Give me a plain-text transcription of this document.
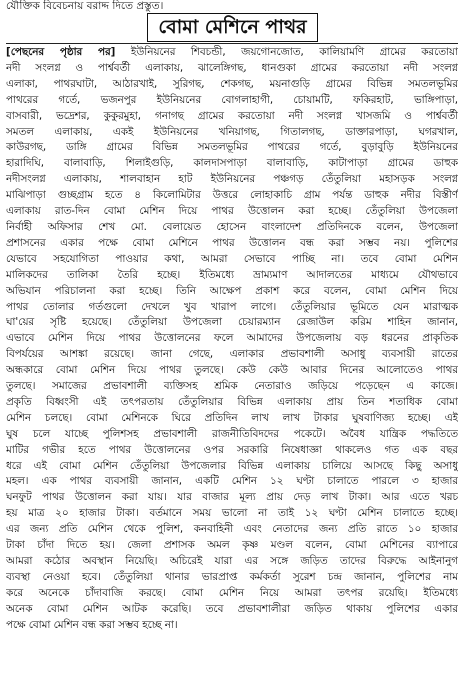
যৌক্তিক বিবেচনায় বরাদ্দ দিতে প্রস্তুত।
বোমা মেশিনে পাথর

[পেছনের পৃষ্ঠার পর] ইউনিয়নের শিবচন্ডী, জয়গোনজোত, কালিয়ামণি গ্রামের করতোয়া

নদী সংলগ্ন ও পার্শ্ববর্তী এলাকায়, ঝালেঙ্গিগছ, ধানগুকা গ্রামের করতোয়া নদী সংলগ্ন

এলাকা, পাথরঘাটা, আঠারখাই, সুরিগছ, শেকগছ, ময়নাগুড়ি গ্রামের বিভিন্ন সমতলভূমির

পাথরের গর্তে, ভজনপুর ইউনিয়নের বোগলাহাগী, চোয়ামটি, ফকিরহাট, ভাঙ্গিপাড়া,

বাসবারী, ভদ্রেশর, কুকুরমুহা, গনাগছ গ্রামের করতোয়া নদী সংলগ্ন খাসজমি ও পার্শ্ববর্তী

সমতল এলাকায়, একই ইউনিয়নের খনিয়াগছ, গিতালগছ, ডাক্তারপাড়া, ঘগরখাল,

কাউরগছ, ডাঙ্গি গ্রামের বিভিন্ন সমতলভূমির পাথরের গর্তে, বুড়াবুড়ি ইউনিয়নের

হারাদিঘি, বালাবাড়ি, শিলাইগুড়ি, কালদাসপাড়া বালাবাড়ি, কাটাপাড়া গ্রামের ডাহুক

নদীসংলগ্ন এলাকায়, শালবাহান হাট ইউনিয়নের পঞ্চগড় তেঁতুলিয়া মহাসড়ক সংলগ্ন

মাঝিপাড়া গুচ্ছগ্রাম হতে ৪ কিলোমিটার উত্তরে লোহাকাচি গ্রাম পর্যন্ত ডাহুক নদীর বিস্তীর্ণ

এলাকায় রাত-দিন বোমা মেশিন দিয়ে পাথর উত্তোলন করা হচ্ছে। তেঁতুলিয়া উপজেলা

নির্বাহী অফিসার শেখ মো. বেলায়েত হোসেন বাংলাদেশ প্রতিদিনকে বলেন, উপজেলা

প্রশাসনের একার পক্ষে বোমা মেশিনে পাথর উত্তোলন বন্ধ করা সম্ভব নয়। পুলিশের

যেভাবে সহযোগিতা পাওয়ার কথা, আমরা সেভাবে পাচ্ছি না। তবে বোমা মেশিন

মালিকদের তালিকা তৈরি হচ্ছে। ইতিমধ্যে ভ্রাম্যমাণ আদালতের মাধ্যমে যৌথভাবে

অভিযান পরিচালনা করা হচ্ছে। তিনি আক্ষেপ প্রকাশ করে বলেন, বোমা মেশিন দিয়ে

পাথর তোলার গর্তগুলো দেখলে খুব খারাপ লাগে। তেঁতুলিয়ার ভূমিতে যেন মারাত্মক

ঘা'য়ের সৃষ্টি হয়েছে। তেঁতুলিয়া উপজেলা চেয়ারম্যান রেজাউল করিম শাহিন জানান,

এভাবে মেশিন দিয়ে পাথর উত্তোলনের ফলে আমাদের উপজেলায় বড় ধরনের প্রাকৃতিক

বিপর্যয়ের আশঙ্কা রয়েছে। জানা গেছে, এলাকার প্রভাবশালী অসাধু ব্যবসায়ী রাতের

অন্ধকারে বোমা মেশিন দিয়ে পাথর তুলছে। কেউ কেউ আবার দিনের আলোতেও পাথর

তুলছে। সমাজের প্রভাবশালী ব্যক্তিসহ শ্রমিক নেতারাও জড়িয়ে পড়েছেন এ কাজে।

প্রকৃতি বিধ্বংসী এই তৎপরতায় তেঁতুলিয়ার বিভিন্ন এলাকায় প্রায় তিন শতাধিক বোমা

মেশিন চলছে। বোমা মেশিনকে ঘিরে প্রতিদিন লাখ লাখ টাকার ঘুষবাণিজ্য হচ্ছে। এই

ঘুষ চলে যাচ্ছে পুলিশসহ প্রভাবশালী রাজনীতিবিদদের পকেটে। অবৈধ যান্ত্রিক পদ্ধতিতে

মাটির গভীর হতে পাথর উত্তোলনের ওপর সরকারি নিষেধাজ্ঞা থাকলেও গত এক বছর

ধরে এই বোমা মেশিন তেঁতুলিয়া উপজেলার বিভিন্ন এলাকায় চালিয়ে আসছে কিছু অসাধু

মহল। এক পাথর ব্যবসায়ী জানান, একটি মেশিন ১২ ঘণ্টা চালাতে পারলে ৩ হাজার

ঘনফুট পাথর উত্তোলন করা যায়। যার বাজার মূল্য প্রায় দেড় লাখ টাকা। আর এতে খরচ

হয় মাত্র ২০ হাজার টাকা। বর্তমানে সময় ভালো না তাই ১২ ঘণ্টা মেশিন চালাতে হচ্ছে।

এর জন্য প্রতি মেশিন থেকে পুলিশ, কনবাহিনী এবং নেতাদের জন্য প্রতি রাতে ১০ হাজার

টাকা চাঁদা দিতে হয়। জেলা প্রশাসক অমল কৃষ্ণ মণ্ডল বলেন, বোমা মেশিনের ব্যাপারে

আমরা কঠোর অবস্থান নিয়েছি। অচিরেই যারা এর সঙ্গে জড়িত তাদের বিরুদ্ধে আইনানুগ

ব্যবস্থা নেওয়া হবে। তেঁতুলিয়া থানার ভারপ্রাপ্ত কর্মকর্তা সুরেশ চন্দ্র জানান, পুলিশের নাম

করে অনেকে চাঁদাবাজি করছে। বোমা মেশিন নিয়ে আমরা তৎপর রয়েছি। ইতিমধ্যে

অনেক বোমা মেশিন আটক করেছি। তবে প্রভাবশালীরা জড়িত থাকায় পুলিশের একার

পক্ষে বোমা মেশিন বন্ধ করা সম্ভব হচ্ছে না।
